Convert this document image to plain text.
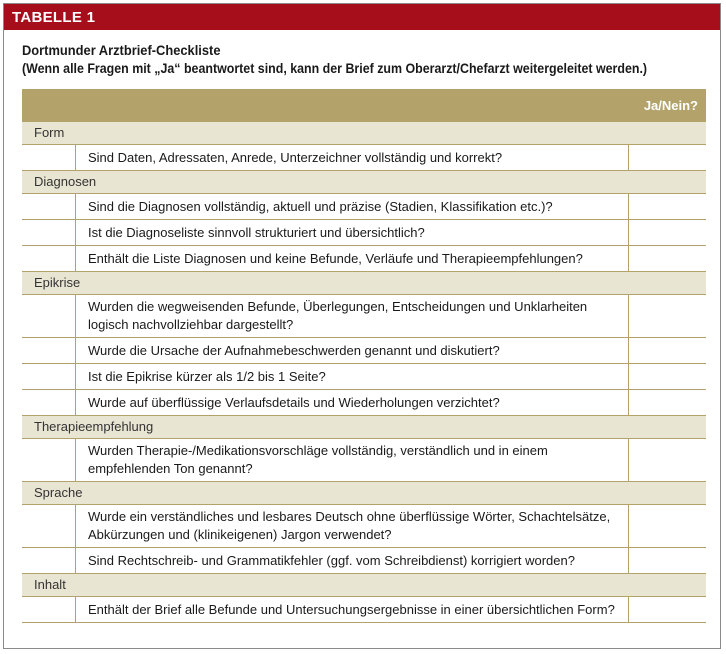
TABELLE 1
Dortmunder Arztbrief-Checkliste
(Wenn alle Fragen mit „Ja“ beantwortet sind, kann der Brief zum Oberarzt/Chefarzt weitergeleitet werden.)
Ja/Nein?
Form
Sind Daten, Adressaten, Anrede, Unterzeichner vollständig und korrekt?
Diagnosen
Sind die Diagnosen vollständig, aktuell und präzise (Stadien, Klassifikation etc.)?
Ist die Diagnoseliste sinnvoll strukturiert und übersichtlich?
Enthält die Liste Diagnosen und keine Befunde, Verläufe und Therapieempfehlungen?
Epikrise
Wurden die wegweisenden Befunde, Überlegungen, Entscheidungen und Unklarheiten logisch nachvollziehbar dargestellt?
Wurde die Ursache der Aufnahmebeschwerden genannt und diskutiert?
Ist die Epikrise kürzer als 1/2 bis 1 Seite?
Wurde auf überflüssige Verlaufsdetails und Wiederholungen verzichtet?
Therapieempfehlung
Wurden Therapie-/Medikationsvorschläge vollständig, verständlich und in einem empfehlenden Ton genannt?
Sprache
Wurde ein verständliches und lesbares Deutsch ohne überflüssige Wörter, Schachtelsätze, Abkürzungen und (klinikeigenen) Jargon verwendet?
Sind Rechtschreib- und Grammatikfehler (ggf. vom Schreibdienst) korrigiert worden?
Inhalt
Enthält der Brief alle Befunde und Untersuchungsergebnisse in einer übersichtlichen Form?
